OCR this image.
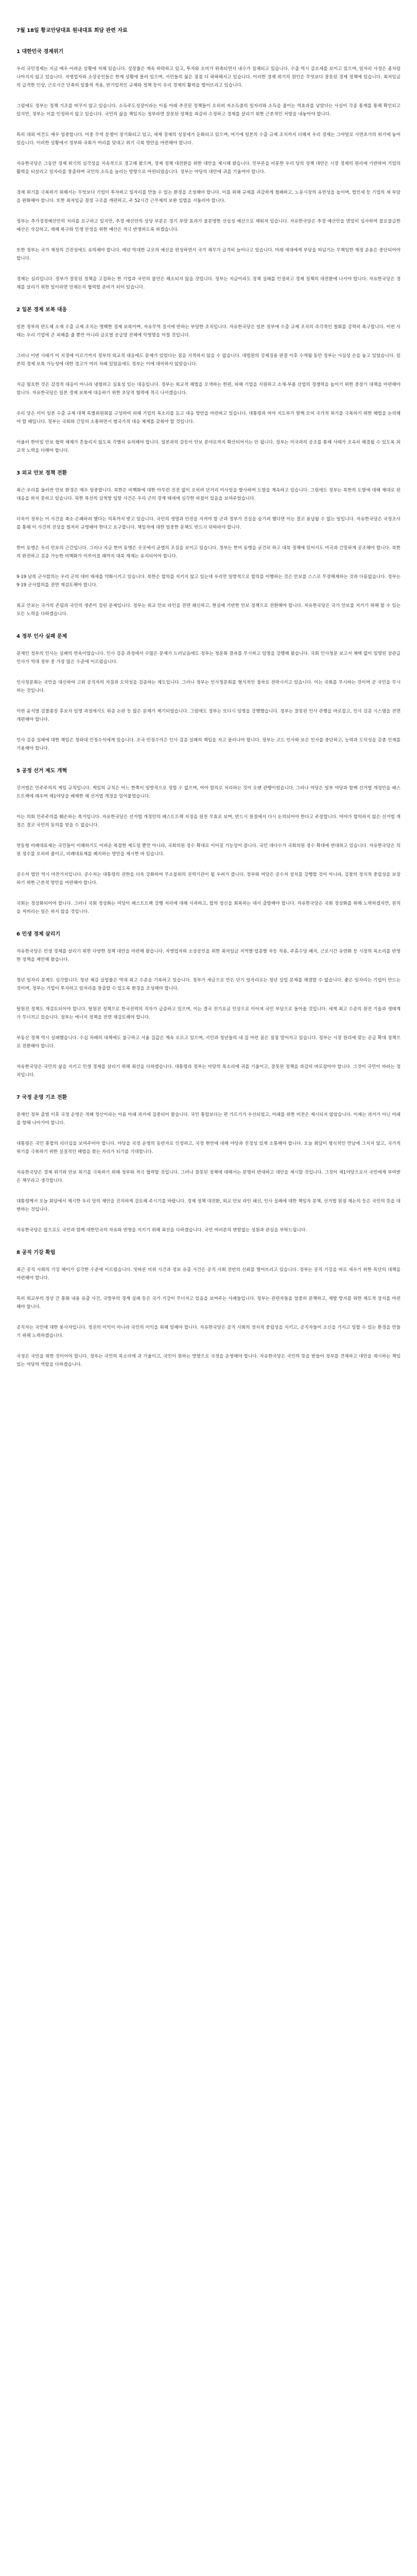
7월 18일 황교안당대표 원내대표 회담 관련 자료
1 대한민국 경제위기

우리 국민경제는 지금 매우 어려운 상황에 처해 있습니다. 성장률은 계속 하락하고 있고, 투자와 소비가 위축되면서 내수가 침체되고 있습니다. 수출 역시 감소세를 보이고 있으며, 일자리 사정은 좀처럼 나아지지 않고 있습니다. 자영업자와 소상공인들은 한계 상황에 몰려 있으며, 서민들의 삶은 점점 더 팍팍해지고 있습니다. 이러한 경제 위기의 원인은 무엇보다 잘못된 경제 정책에 있습니다. 최저임금의 급격한 인상, 근로시간 단축의 일률적 적용, 반기업적인 규제와 정책 등이 우리 경제의 활력을 떨어뜨리고 있습니다.

그럼에도 정부는 정책 기조를 바꾸지 않고 있습니다. 소득주도성장이라는 이름 아래 추진된 정책들이 오히려 저소득층의 일자리와 소득을 줄이는 역효과를 낳았다는 사실이 각종 통계를 통해 확인되고 있지만, 정부는 이를 인정하지 않고 있습니다. 국민의 삶을 책임지는 정부라면 잘못된 정책을 과감히 수정하고 경제를 살리기 위한 근본적인 처방을 내놓아야 합니다.

특히 대외 여건도 매우 엄중합니다. 미중 무역 분쟁이 장기화되고 있고, 세계 경제의 성장세가 둔화되고 있으며, 여기에 일본의 수출 규제 조치까지 더해져 우리 경제는 그야말로 사면초가의 위기에 놓여 있습니다. 이러한 상황에서 정부와 국회가 머리를 맞대고 위기 극복 방안을 마련해야 합니다.

자유한국당은 그동안 경제 위기의 심각성을 지속적으로 경고해 왔으며, 경제 정책 대전환을 위한 대안을 제시해 왔습니다. 민부론을 비롯한 우리 당의 정책 대안은 시장 경제의 원리에 기반하여 기업의 활력을 되살리고 일자리를 창출하며 국민의 소득을 늘리는 방향으로 마련되었습니다. 정부는 야당의 대안에 귀를 기울여야 합니다.

경제 위기를 극복하기 위해서는 무엇보다 기업이 투자하고 일자리를 만들 수 있는 환경을 조성해야 합니다. 이를 위해 규제를 과감하게 철폐하고, 노동시장의 유연성을 높이며, 법인세 등 기업의 세 부담을 완화해야 합니다. 또한 최저임금 결정 구조를 개편하고, 주 52시간 근무제의 보완 입법을 서둘러야 합니다.

정부는 추가경정예산안의 처리를 요구하고 있지만, 추경 예산안의 상당 부분은 경기 부양 효과가 불분명한 선심성 예산으로 채워져 있습니다. 자유한국당은 추경 예산안을 면밀히 심사하여 불요불급한 예산은 삭감하고, 재해 복구와 민생 안정을 위한 예산은 적극 반영하도록 하겠습니다.

또한 정부는 국가 재정의 건전성에도 유의해야 합니다. 매년 막대한 규모의 예산을 편성하면서 국가 채무가 급격히 늘어나고 있습니다. 미래 세대에게 부담을 떠넘기는 무책임한 재정 운용은 중단되어야 합니다.

경제는 심리입니다. 정부가 잘못된 정책을 고집하는 한 기업과 국민의 불안은 해소되지 않을 것입니다. 정부는 지금이라도 정책 실패를 인정하고 경제 정책의 대전환에 나서야 합니다. 자유한국당은 경제를 살리기 위한 일이라면 언제든지 협력할 준비가 되어 있습니다.

2 일본 경제 보복 대응

일본 정부의 반도체 소재 수출 규제 조치는 명백한 경제 보복이며, 자유무역 질서에 반하는 부당한 조치입니다. 자유한국당은 일본 정부에 수출 규제 조치의 즉각적인 철회를 강력히 촉구합니다. 이번 사태는 우리 기업에 큰 피해를 줄 뿐만 아니라 글로벌 공급망 전체에 악영향을 미칠 것입니다.

그러나 이번 사태가 이 지경에 이르기까지 정부의 외교적 대응에도 문제가 있었다는 점을 지적하지 않을 수 없습니다. 대법원의 강제징용 판결 이후 수개월 동안 정부는 사실상 손을 놓고 있었습니다. 일본의 경제 보복 가능성에 대한 경고가 여러 차례 있었음에도 정부는 이에 대비하지 않았습니다.

지금 필요한 것은 감정적 대응이 아니라 냉철하고 실효성 있는 대응입니다. 정부는 외교적 해법을 모색하는 한편, 피해 기업을 지원하고 소재·부품 산업의 경쟁력을 높이기 위한 중장기 대책을 마련해야 합니다. 자유한국당은 일본 경제 보복에 대응하기 위한 초당적 협력에 적극 나서겠습니다.

우리 당은 이미 일본 수출 규제 대책 특별위원회를 구성하여 피해 기업의 목소리를 듣고 대응 방안을 마련하고 있습니다. 대통령과 여야 지도부가 함께 모여 국가적 위기를 극복하기 위한 해법을 논의해야 할 때입니다. 정부는 국회와 긴밀히 소통하면서 범국가적 대응 체계를 갖춰야 할 것입니다.

아울러 한미일 안보 협력 체제가 흔들리지 않도록 각별히 유의해야 합니다. 일본과의 갈등이 안보 분야로까지 확산되어서는 안 됩니다. 정부는 미국과의 공조를 통해 사태가 조속히 해결될 수 있도록 외교적 노력을 다해야 합니다.

3 외교 안보 정책 전환

최근 우리를 둘러싼 안보 환경은 매우 엄중합니다. 북한은 비핵화에 대한 아무런 진전 없이 오히려 단거리 미사일을 발사하며 도발을 계속하고 있습니다. 그럼에도 정부는 북한의 도발에 대해 제대로 된 대응을 하지 못하고 있습니다. 북한 목선의 삼척항 입항 사건은 우리 군의 경계 태세에 심각한 허점이 있음을 보여주었습니다.

더욱이 정부는 이 사건을 축소·은폐하려 했다는 의혹까지 받고 있습니다. 국민의 생명과 안전을 지켜야 할 군과 정부가 진실을 숨기려 했다면 이는 결코 용납될 수 없는 일입니다. 자유한국당은 국정조사를 통해 이 사건의 진상을 철저히 규명해야 한다고 요구합니다. 책임자에 대한 엄중한 문책도 반드시 뒤따라야 합니다.

한미 동맹은 우리 안보의 근간입니다. 그러나 지금 한미 동맹은 곳곳에서 균열의 조짐을 보이고 있습니다. 정부는 한미 동맹을 굳건히 하고 대북 정책에 있어서도 미국과 긴밀하게 공조해야 합니다. 북한의 완전하고 검증 가능한 비핵화가 이루어질 때까지 대북 제재는 유지되어야 합니다.

9·19 남북 군사합의는 우리 군의 대비 태세를 약화시키고 있습니다. 북한은 합의를 지키지 않고 있는데 우리만 일방적으로 합의를 이행하는 것은 안보를 스스로 무장해제하는 것과 다름없습니다. 정부는 9·19 군사합의를 전면 재검토해야 합니다.

외교 안보는 국가의 존립과 국민의 생존이 걸린 문제입니다. 정부는 외교 안보 라인을 전면 쇄신하고, 현실에 기반한 안보 정책으로 전환해야 합니다. 자유한국당은 국가 안보를 지키기 위해 할 수 있는 모든 노력을 다하겠습니다.

4 정부 인사 실패 문제

문재인 정부의 인사는 실패의 연속이었습니다. 인사 검증 과정에서 수많은 문제가 드러났음에도 정부는 청문회 결과를 무시하고 임명을 강행해 왔습니다. 국회 인사청문 보고서 채택 없이 임명된 장관급 인사가 역대 정부 중 가장 많은 수준에 이르렀습니다.

인사청문회는 국민을 대신하여 고위 공직자의 자질과 도덕성을 검증하는 제도입니다. 그러나 정부는 인사청문회를 형식적인 절차로 전락시키고 있습니다. 이는 국회를 무시하는 것이며 곧 국민을 무시하는 것입니다.

이번 윤석열 검찰총장 후보자 임명 과정에서도 위증 논란 등 많은 문제가 제기되었습니다. 그럼에도 정부는 또다시 임명을 강행했습니다. 정부는 잘못된 인사 관행을 바로잡고, 인사 검증 시스템을 전면 개편해야 합니다.

인사 검증 실패에 대한 책임은 청와대 민정수석에게 있습니다. 조국 민정수석은 인사 검증 실패의 책임을 지고 물러나야 합니다. 정부는 코드 인사와 보은 인사를 중단하고, 능력과 도덕성을 갖춘 인재를 기용해야 합니다.

5 공정 선거 제도 개혁

선거법은 민주주의의 게임 규칙입니다. 게임의 규칙은 어느 한쪽이 일방적으로 정할 수 없으며, 여야 합의로 처리하는 것이 오랜 관행이었습니다. 그러나 여당은 일부 야당과 함께 선거법 개정안을 패스트트랙에 태우며 제1야당을 배제한 채 선거법 개정을 밀어붙였습니다.

이는 의회 민주주의를 훼손하는 폭거입니다. 자유한국당은 선거법 개정안의 패스트트랙 지정을 원천 무효로 보며, 반드시 원점에서 다시 논의되어야 한다고 주장합니다. 여야가 합의하지 않은 선거법 개정은 결코 국민의 동의를 얻을 수 없습니다.

연동형 비례대표제는 국민들이 이해하기도 어려운 복잡한 제도일 뿐만 아니라, 국회의원 정수 확대로 이어질 가능성이 큽니다. 국민 대다수가 국회의원 정수 확대에 반대하고 있습니다. 자유한국당은 의원 정수를 오히려 줄이고, 비례대표제를 폐지하는 방안을 제시한 바 있습니다.

공수처 법안 역시 마찬가지입니다. 공수처는 대통령의 권한을 더욱 강화하여 무소불위의 권력기관이 될 우려가 큽니다. 정부와 여당은 공수처 설치를 강행할 것이 아니라, 검찰의 정치적 중립성을 보장하기 위한 근본적 방안을 마련해야 합니다.

국회는 정상화되어야 합니다. 그러나 국회 정상화는 여당이 패스트트랙 강행 처리에 대해 사과하고, 합의 정신을 회복하는 데서 출발해야 합니다. 자유한국당은 국회 정상화를 위해 노력하겠지만, 원칙을 저버리는 일은 하지 않을 것입니다.

6 민생 경제 살리기

자유한국당은 민생 경제를 살리기 위한 다양한 정책 대안을 마련해 왔습니다. 자영업자와 소상공인을 위한 최저임금 지역별·업종별 차등 적용, 주휴수당 폐지, 근로시간 유연화 등 시장의 목소리를 반영한 정책을 제안해 왔습니다.

청년 일자리 문제도 심각합니다. 청년 체감 실업률은 역대 최고 수준을 기록하고 있습니다. 정부가 세금으로 만든 단기 일자리로는 청년 실업 문제를 해결할 수 없습니다. 좋은 일자리는 기업이 만드는 것이며, 정부는 기업이 투자하고 일자리를 창출할 수 있도록 환경을 조성해야 합니다.

탈원전 정책도 재검토되어야 합니다. 탈원전 정책으로 한국전력의 적자가 급증하고 있으며, 이는 결국 전기요금 인상으로 이어져 국민 부담으로 돌아올 것입니다. 세계 최고 수준의 원전 기술과 생태계가 무너지고 있습니다. 정부는 에너지 정책을 전면 재검토해야 합니다.

부동산 정책 역시 실패했습니다. 수십 차례의 대책에도 불구하고 서울 집값은 계속 오르고 있으며, 서민과 청년들의 내 집 마련 꿈은 점점 멀어지고 있습니다. 정부는 시장 원리에 맞는 공급 확대 정책으로 전환해야 합니다.

자유한국당은 국민의 삶을 지키고 민생 경제를 살리기 위해 최선을 다하겠습니다. 대통령과 정부는 야당의 목소리에 귀를 기울이고, 잘못된 정책을 과감히 바로잡아야 합니다. 그것이 국민이 바라는 정치입니다.

7 국정 운영 기조 전환

문재인 정부 출범 이후 국정 운영은 적폐 청산이라는 이름 아래 과거에 집중되어 왔습니다. 국민 통합보다는 편 가르기가 우선되었고, 미래를 위한 비전은 제시되지 않았습니다. 이제는 과거가 아닌 미래를 향해 나아가야 합니다.

대통령은 국민 통합의 리더십을 보여주어야 합니다. 야당을 국정 운영의 동반자로 인정하고, 국정 현안에 대해 야당과 진정성 있게 소통해야 합니다. 오늘 회담이 형식적인 만남에 그치지 않고, 국가적 위기를 극복하기 위한 실질적인 해법을 찾는 자리가 되기를 기대합니다.

자유한국당은 경제 위기와 안보 위기를 극복하기 위해 정부와 적극 협력할 것입니다. 그러나 잘못된 정책에 대해서는 분명히 반대하고 대안을 제시할 것입니다. 그것이 제1야당으로서 국민에게 부여받은 책무라고 생각합니다.

대통령께서 오늘 회담에서 제시한 우리 당의 제안을 진지하게 검토해 주시기를 바랍니다. 경제 정책 대전환, 외교 안보 라인 쇄신, 인사 실패에 대한 책임자 문책, 선거법 원점 재논의 등은 국민의 뜻을 대변하는 것입니다.

자유한국당은 앞으로도 국민과 함께 대한민국의 자유와 번영을 지키기 위해 최선을 다하겠습니다. 국민 여러분의 변함없는 성원과 관심을 부탁드립니다.

8 공직 기강 확립

최근 공직 사회의 기강 해이가 심각한 수준에 이르렀습니다. 잇따른 비위 사건과 정보 유출 사건은 공직 사회 전반의 신뢰를 떨어뜨리고 있습니다. 정부는 공직 기강을 바로 세우기 위한 특단의 대책을 마련해야 합니다.

특히 외교부의 정상 간 통화 내용 유출 사건, 국방부의 경계 실패 등은 국가 기강이 무너지고 있음을 보여주는 사례들입니다. 정부는 관련자들을 엄중히 문책하고, 재발 방지를 위한 제도적 장치를 마련해야 합니다.

공직자는 국민에 대한 봉사자입니다. 정권의 이익이 아니라 국민의 이익을 위해 일해야 합니다. 자유한국당은 공직 사회의 정치적 중립성을 지키고, 공직자들이 소신을 가지고 일할 수 있는 환경을 만들기 위해 노력하겠습니다.

국정은 국민을 위한 것이어야 합니다. 정부는 국민의 목소리에 귀 기울이고, 국민이 원하는 방향으로 국정을 운영해야 합니다. 자유한국당은 국민의 뜻을 받들어 정부를 견제하고 대안을 제시하는 책임 있는 야당의 역할을 다하겠습니다.
